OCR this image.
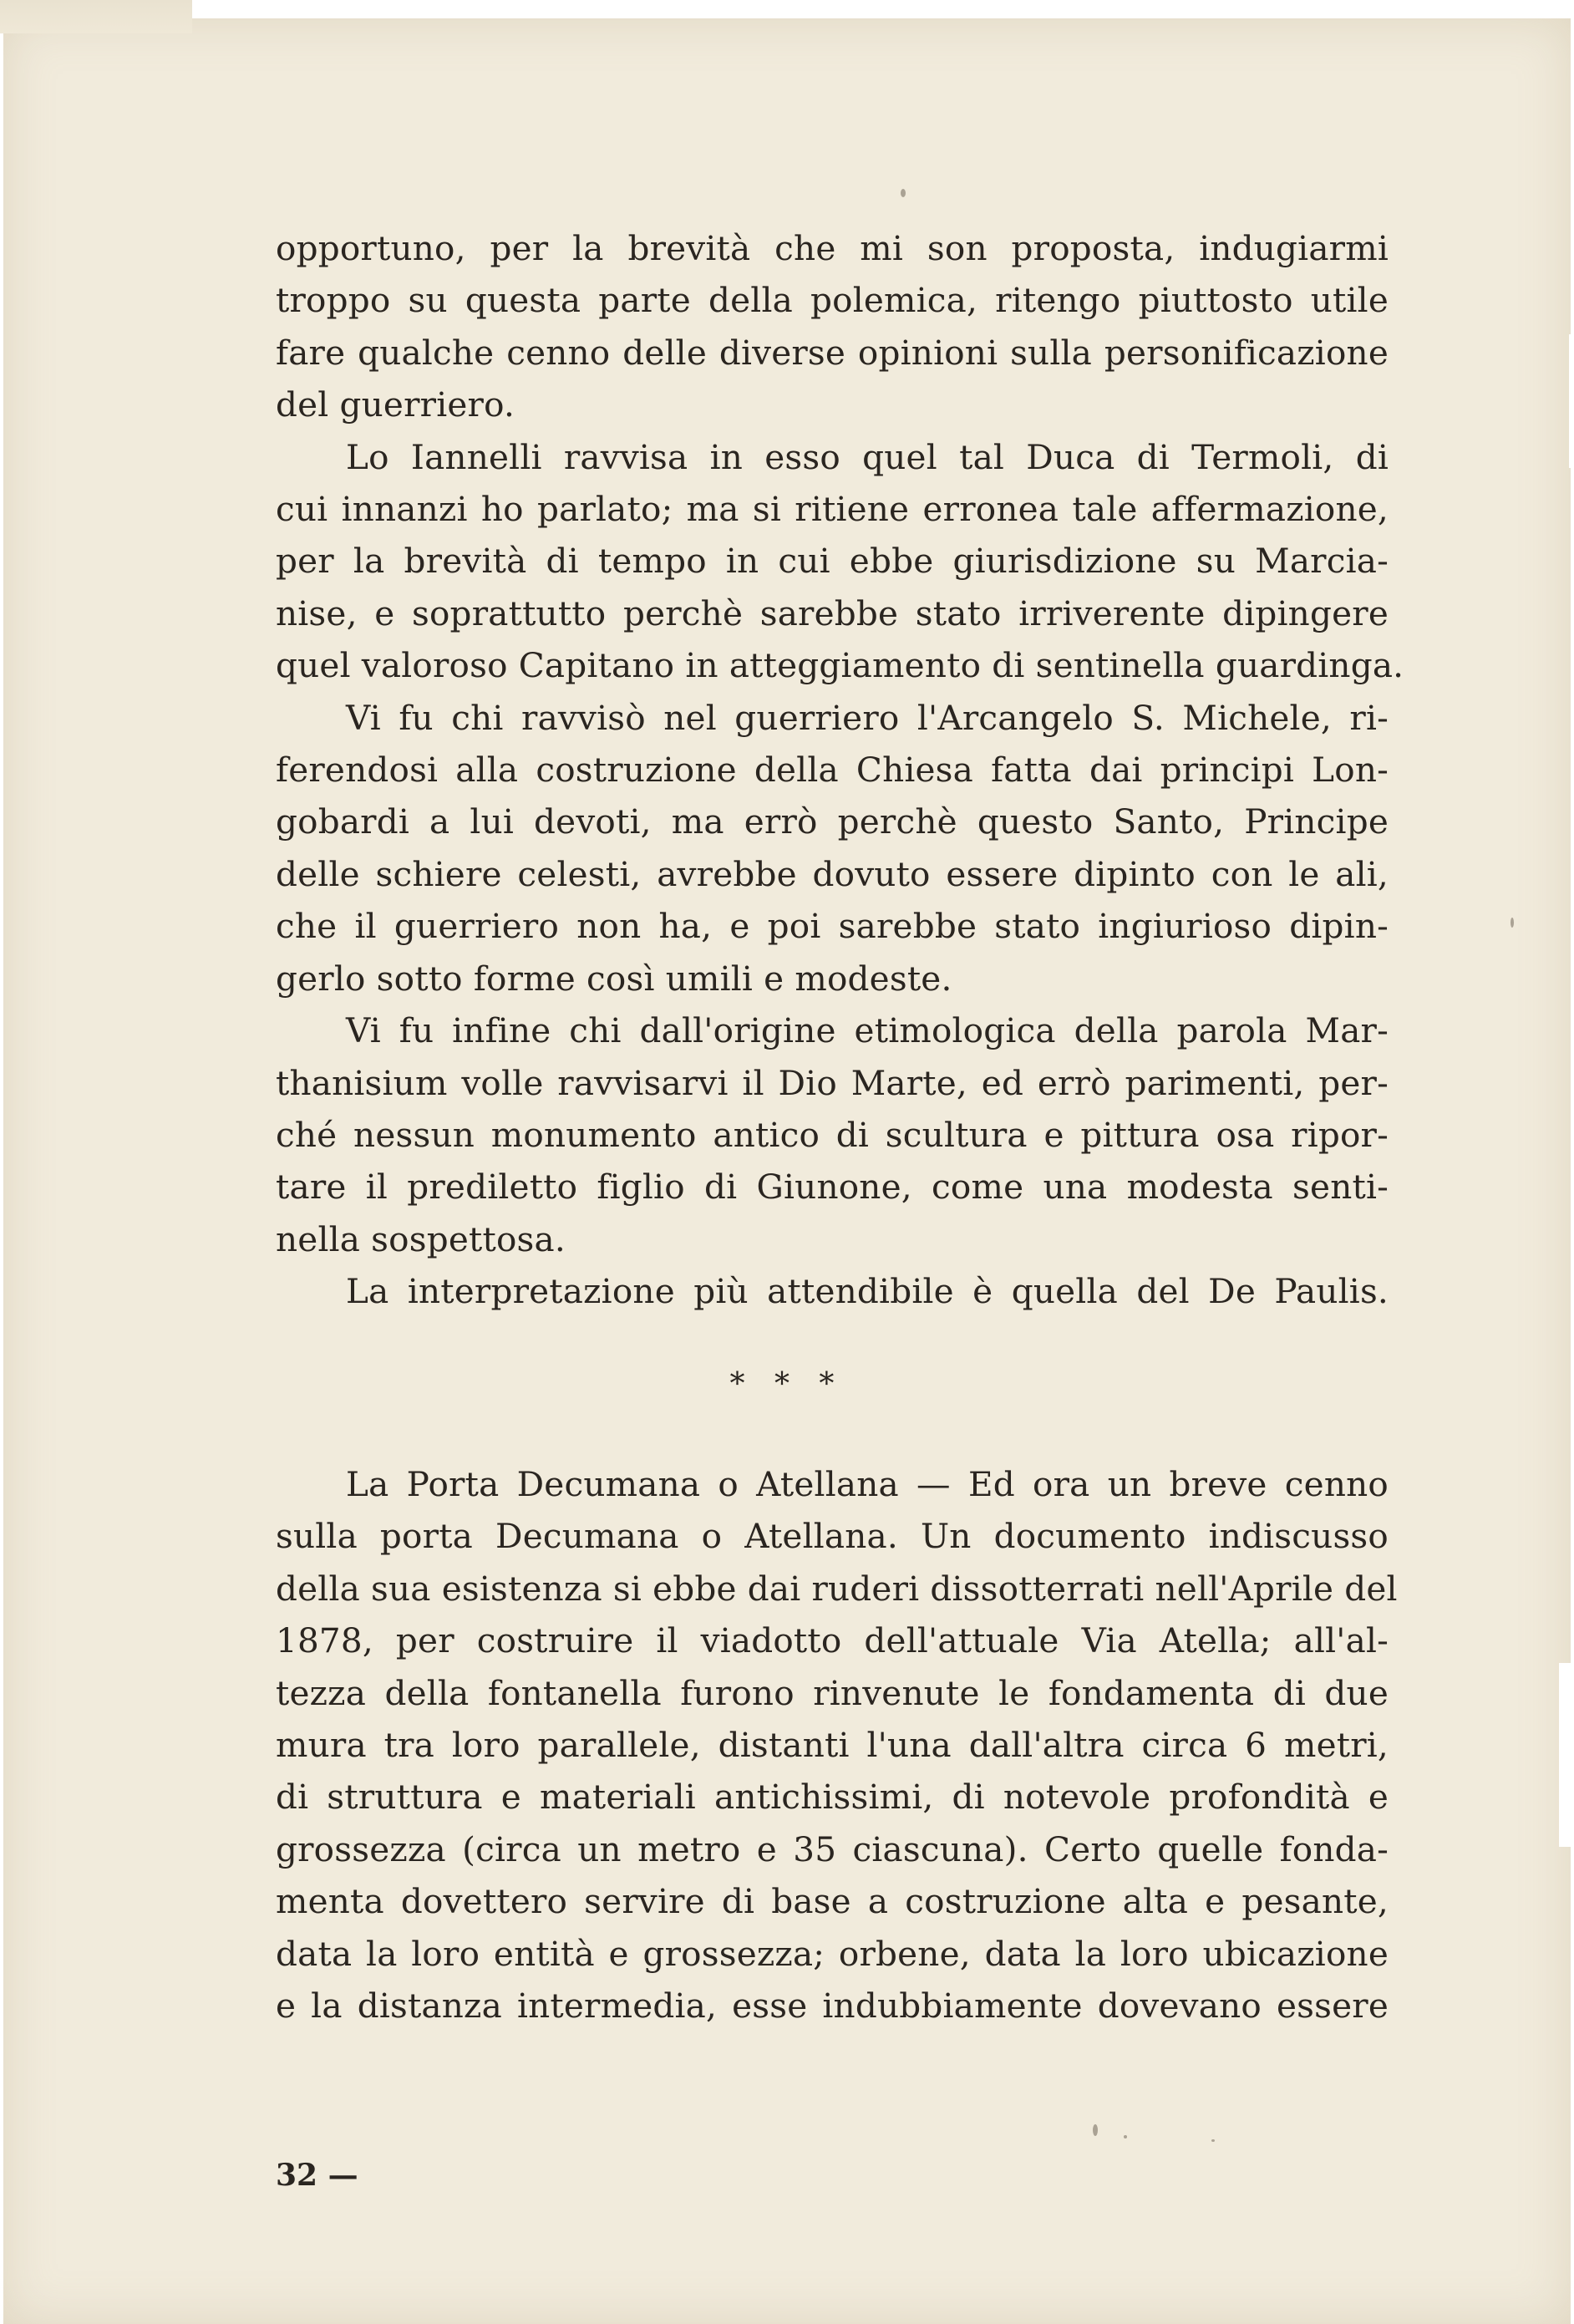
opportuno, per la brevità che mi son proposta, indugiarmi

troppo su questa parte della polemica, ritengo piuttosto utile

fare qualche cenno delle diverse opinioni sulla personificazione

del guerriero.

Lo Iannelli ravvisa in esso quel tal Duca di Termoli, di

cui innanzi ho parlato; ma si ritiene erronea tale affermazione,

per la brevità di tempo in cui ebbe giurisdizione su Marcia-

nise, e soprattutto perchè sarebbe stato irriverente dipingere

quel valoroso Capitano in atteggiamento di sentinella guardinga.

Vi fu chi ravvisò nel guerriero l'Arcangelo S. Michele, ri-

ferendosi alla costruzione della Chiesa fatta dai principi Lon-

gobardi a lui devoti, ma errò perchè questo Santo, Principe

delle schiere celesti, avrebbe dovuto essere dipinto con le ali,

che il guerriero non ha, e poi sarebbe stato ingiurioso dipin-

gerlo sotto forme così umili e modeste.

Vi fu infine chi dall'origine etimologica della parola Mar-

thanisium volle ravvisarvi il Dio Marte, ed errò parimenti, per-

ché nessun monumento antico di scultura e pittura osa ripor-

tare il prediletto figlio di Giunone, come una modesta senti-

nella sospettosa.

La interpretazione più attendibile è quella del De Paulis.

* * *

La Porta Decumana o Atellana — Ed ora un breve cenno

sulla porta Decumana o Atellana. Un documento indiscusso

della sua esistenza si ebbe dai ruderi dissotterrati nell'Aprile del

1878, per costruire il viadotto dell'attuale Via Atella; all'al-

tezza della fontanella furono rinvenute le fondamenta di due

mura tra loro parallele, distanti l'una dall'altra circa 6 metri,

di struttura e materiali antichissimi, di notevole profondità e

grossezza (circa un metro e 35 ciascuna). Certo quelle fonda-

menta dovettero servire di base a costruzione alta e pesante,

data la loro entità e grossezza; orbene, data la loro ubicazione

e la distanza intermedia, esse indubbiamente dovevano essere

32 —
